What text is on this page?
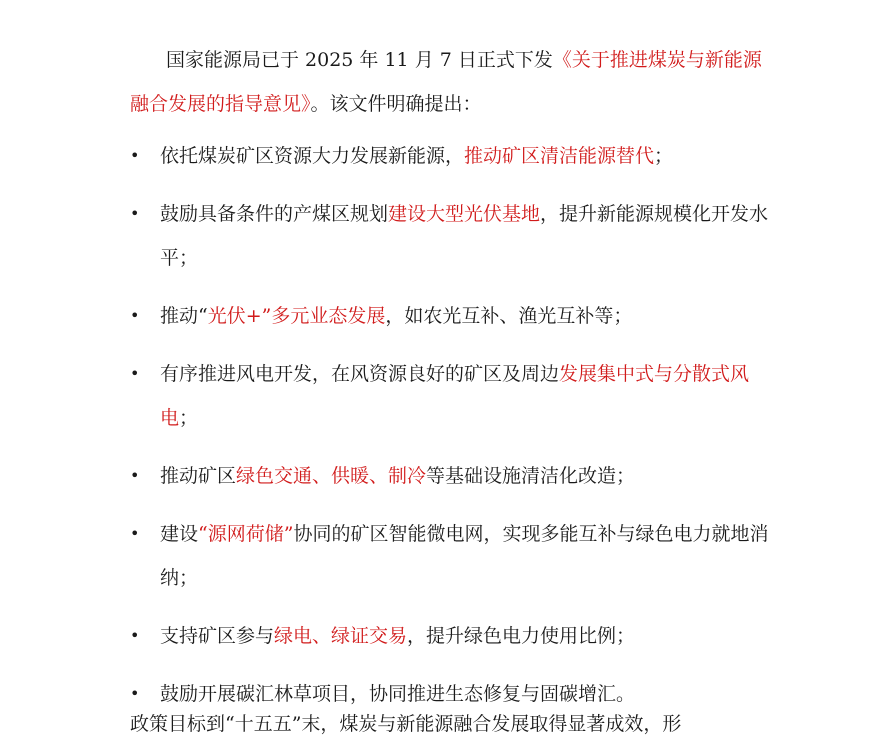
国家能源局已于 2025 年 11 月 7 日正式下发《关于推进煤炭与新能源融合发展的指导意见》。该文件明确提出：

•	依托煤炭矿区资源大力发展新能源，推动矿区清洁能源替代；
•	鼓励具备条件的产煤区规划建设大型光伏基地，提升新能源规模化开发水平；
•	推动“光伏+”多元业态发展，如农光互补、渔光互补等；
•	有序推进风电开发，在风资源良好的矿区及周边发展集中式与分散式风电；
•	推动矿区绿色交通、供暖、制冷等基础设施清洁化改造；
•	建设“源网荷储”协同的矿区智能微电网，实现多能互补与绿色电力就地消纳；
•	支持矿区参与绿电、绿证交易，提升绿色电力使用比例；
•	鼓励开展碳汇林草项目，协同推进生态修复与固碳增汇。

政策目标到“十五五”末，煤炭与新能源融合发展取得显著成效，形
